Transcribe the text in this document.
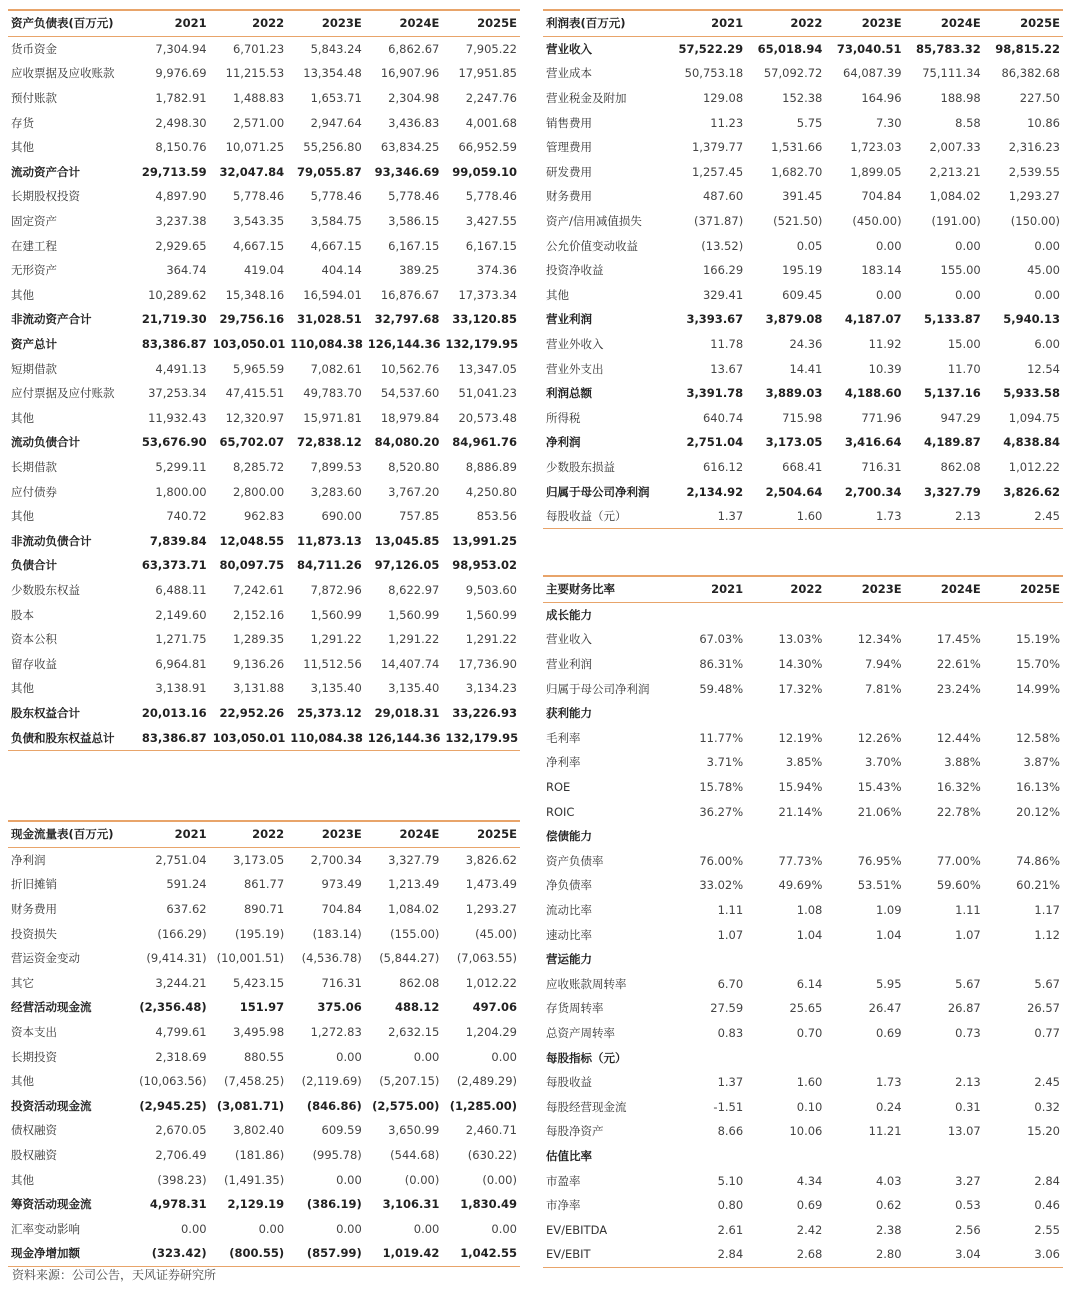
资产负债表(百万元)	2021	2022	2023E	2024E	2025E
货币资金	7,304.94	6,701.23	5,843.24	6,862.67	7,905.22
应收票据及应收账款	9,976.69	11,215.53	13,354.48	16,907.96	17,951.85
预付账款	1,782.91	1,488.83	1,653.71	2,304.98	2,247.76
存货	2,498.30	2,571.00	2,947.64	3,436.83	4,001.68
其他	8,150.76	10,071.25	55,256.80	63,834.25	66,952.59
流动资产合计	29,713.59	32,047.84	79,055.87	93,346.69	99,059.10
长期股权投资	4,897.90	5,778.46	5,778.46	5,778.46	5,778.46
固定资产	3,237.38	3,543.35	3,584.75	3,586.15	3,427.55
在建工程	2,929.65	4,667.15	4,667.15	6,167.15	6,167.15
无形资产	364.74	419.04	404.14	389.25	374.36
其他	10,289.62	15,348.16	16,594.01	16,876.67	17,373.34
非流动资产合计	21,719.30	29,756.16	31,028.51	32,797.68	33,120.85
资产总计	83,386.87	103,050.01	110,084.38	126,144.36	132,179.95
短期借款	4,491.13	5,965.59	7,082.61	10,562.76	13,347.05
应付票据及应付账款	37,253.34	47,415.51	49,783.70	54,537.60	51,041.23
其他	11,932.43	12,320.97	15,971.81	18,979.84	20,573.48
流动负债合计	53,676.90	65,702.07	72,838.12	84,080.20	84,961.76
长期借款	5,299.11	8,285.72	7,899.53	8,520.80	8,886.89
应付债券	1,800.00	2,800.00	3,283.60	3,767.20	4,250.80
其他	740.72	962.83	690.00	757.85	853.56
非流动负债合计	7,839.84	12,048.55	11,873.13	13,045.85	13,991.25
负债合计	63,373.71	80,097.75	84,711.26	97,126.05	98,953.02
少数股东权益	6,488.11	7,242.61	7,872.96	8,622.97	9,503.60
股本	2,149.60	2,152.16	1,560.99	1,560.99	1,560.99
资本公积	1,271.75	1,289.35	1,291.22	1,291.22	1,291.22
留存收益	6,964.81	9,136.26	11,512.56	14,407.74	17,736.90
其他	3,138.91	3,131.88	3,135.40	3,135.40	3,134.23
股东权益合计	20,013.16	22,952.26	25,373.12	29,018.31	33,226.93
负债和股东权益总计	83,386.87	103,050.01	110,084.38	126,144.36	132,179.95
利润表(百万元)	2021	2022	2023E	2024E	2025E
营业收入	57,522.29	65,018.94	73,040.51	85,783.32	98,815.22
营业成本	50,753.18	57,092.72	64,087.39	75,111.34	86,382.68
营业税金及附加	129.08	152.38	164.96	188.98	227.50
销售费用	11.23	5.75	7.30	8.58	10.86
管理费用	1,379.77	1,531.66	1,723.03	2,007.33	2,316.23
研发费用	1,257.45	1,682.70	1,899.05	2,213.21	2,539.55
财务费用	487.60	391.45	704.84	1,084.02	1,293.27
资产/信用减值损失	(371.87)	(521.50)	(450.00)	(191.00)	(150.00)
公允价值变动收益	(13.52)	0.05	0.00	0.00	0.00
投资净收益	166.29	195.19	183.14	155.00	45.00
其他	329.41	609.45	0.00	0.00	0.00
营业利润	3,393.67	3,879.08	4,187.07	5,133.87	5,940.13
营业外收入	11.78	24.36	11.92	15.00	6.00
营业外支出	13.67	14.41	10.39	11.70	12.54
利润总额	3,391.78	3,889.03	4,188.60	5,137.16	5,933.58
所得税	640.74	715.98	771.96	947.29	1,094.75
净利润	2,751.04	3,173.05	3,416.64	4,189.87	4,838.84
少数股东损益	616.12	668.41	716.31	862.08	1,012.22
归属于母公司净利润	2,134.92	2,504.64	2,700.34	3,327.79	3,826.62
每股收益（元）	1.37	1.60	1.73	2.13	2.45
主要财务比率	2021	2022	2023E	2024E	2025E
成长能力					
营业收入	67.03%	13.03%	12.34%	17.45%	15.19%
营业利润	86.31%	14.30%	7.94%	22.61%	15.70%
归属于母公司净利润	59.48%	17.32%	7.81%	23.24%	14.99%
获利能力					
毛利率	11.77%	12.19%	12.26%	12.44%	12.58%
净利率	3.71%	3.85%	3.70%	3.88%	3.87%
ROE	15.78%	15.94%	15.43%	16.32%	16.13%
ROIC	36.27%	21.14%	21.06%	22.78%	20.12%
偿债能力					
资产负债率	76.00%	77.73%	76.95%	77.00%	74.86%
净负债率	33.02%	49.69%	53.51%	59.60%	60.21%
流动比率	1.11	1.08	1.09	1.11	1.17
速动比率	1.07	1.04	1.04	1.07	1.12
营运能力					
应收账款周转率	6.70	6.14	5.95	5.67	5.67
存货周转率	27.59	25.65	26.47	26.87	26.57
总资产周转率	0.83	0.70	0.69	0.73	0.77
每股指标（元）					
每股收益	1.37	1.60	1.73	2.13	2.45
每股经营现金流	-1.51	0.10	0.24	0.31	0.32
每股净资产	8.66	10.06	11.21	13.07	15.20
估值比率					
市盈率	5.10	4.34	4.03	3.27	2.84
市净率	0.80	0.69	0.62	0.53	0.46
EV/EBITDA	2.61	2.42	2.38	2.56	2.55
EV/EBIT	2.84	2.68	2.80	3.04	3.06
现金流量表(百万元)	2021	2022	2023E	2024E	2025E
净利润	2,751.04	3,173.05	2,700.34	3,327.79	3,826.62
折旧摊销	591.24	861.77	973.49	1,213.49	1,473.49
财务费用	637.62	890.71	704.84	1,084.02	1,293.27
投资损失	(166.29)	(195.19)	(183.14)	(155.00)	(45.00)
营运资金变动	(9,414.31)	(10,001.51)	(4,536.78)	(5,844.27)	(7,063.55)
其它	3,244.21	5,423.15	716.31	862.08	1,012.22
经营活动现金流	(2,356.48)	151.97	375.06	488.12	497.06
资本支出	4,799.61	3,495.98	1,272.83	2,632.15	1,204.29
长期投资	2,318.69	880.55	0.00	0.00	0.00
其他	(10,063.56)	(7,458.25)	(2,119.69)	(5,207.15)	(2,489.29)
投资活动现金流	(2,945.25)	(3,081.71)	(846.86)	(2,575.00)	(1,285.00)
债权融资	2,670.05	3,802.40	609.59	3,650.99	2,460.71
股权融资	2,706.49	(181.86)	(995.78)	(544.68)	(630.22)
其他	(398.23)	(1,491.35)	0.00	(0.00)	(0.00)
筹资活动现金流	4,978.31	2,129.19	(386.19)	3,106.31	1,830.49
汇率变动影响	0.00	0.00	0.00	0.00	0.00
现金净增加额	(323.42)	(800.55)	(857.99)	1,019.42	1,042.55
资料来源：公司公告，天风证券研究所
